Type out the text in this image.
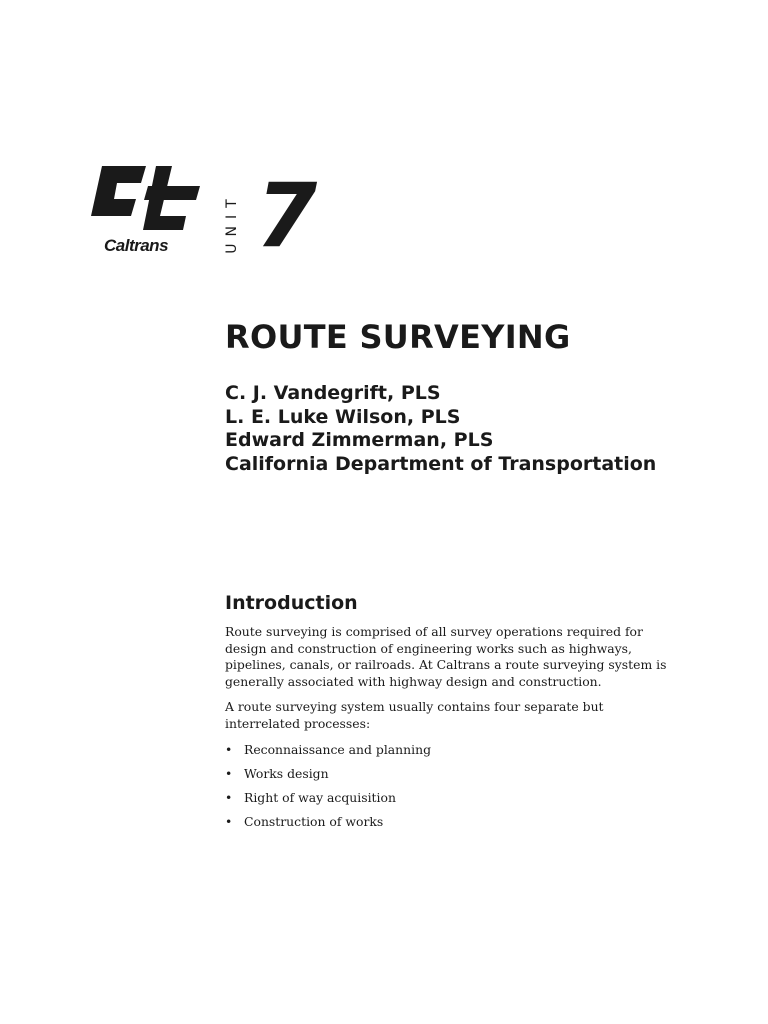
Caltrans	UNIT 7
ROUTE SURVEYING
C. J. Vandegrift, PLS
L. E. Luke Wilson, PLS
Edward Zimmerman, PLS
California Department of Transportation
Introduction

Route surveying is comprised of all survey operations required for design and construction of engineering works such as highways, pipelines, canals, or railroads. At Caltrans a route surveying system is generally associated with highway design and construction.

A route surveying system usually contains four separate but interrelated processes:

• Reconnaissance and planning
• Works design
• Right of way acquisition
• Construction of works
